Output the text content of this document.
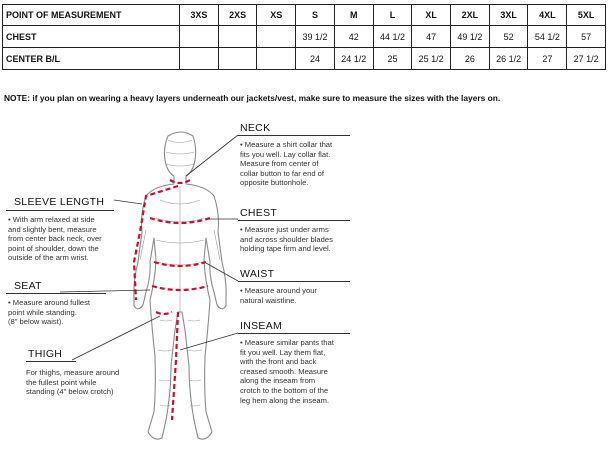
POINT OF MEASUREMENT	3XS	2XS	XS	S	M	L	XL	2XL	3XL	4XL	5XL
CHEST				39 1/2	42	44 1/2	47	49 1/2	52	54 1/2	57
CENTER B/L				24	24 1/2	25	25 1/2	26	26 1/2	27	27 1/2
NOTE: if you plan on wearing a heavy layers underneath our jackets/vest, make sure to measure the sizes with the layers on.
NECK

• Measure a shirt collar that

fits you well. Lay collar flat.

Measure from center of

collar button to far end of

opposite buttonhole.

CHEST

• Measure just under arms

and across shoulder blades

holding tape firm and level.

WAIST

• Measure around your

natural waistline.

INSEAM

• Measure similar pants that

fit you well. Lay them flat,

with the front and back

creased smooth. Measure

along the inseam from

crotch to the bottom of the

leg hem along the inseam.

SLEEVE LENGTH

• With arm relaxed at side

and slightly bent, measure

from center back neck, over

point of shoulder, down the

outside of the arm wrist.

SEAT

• Measure around fullest

point while standing.

(8" below waist).

THIGH

For thighs, measure around

the fullest point while

standing (4" below crotch)
